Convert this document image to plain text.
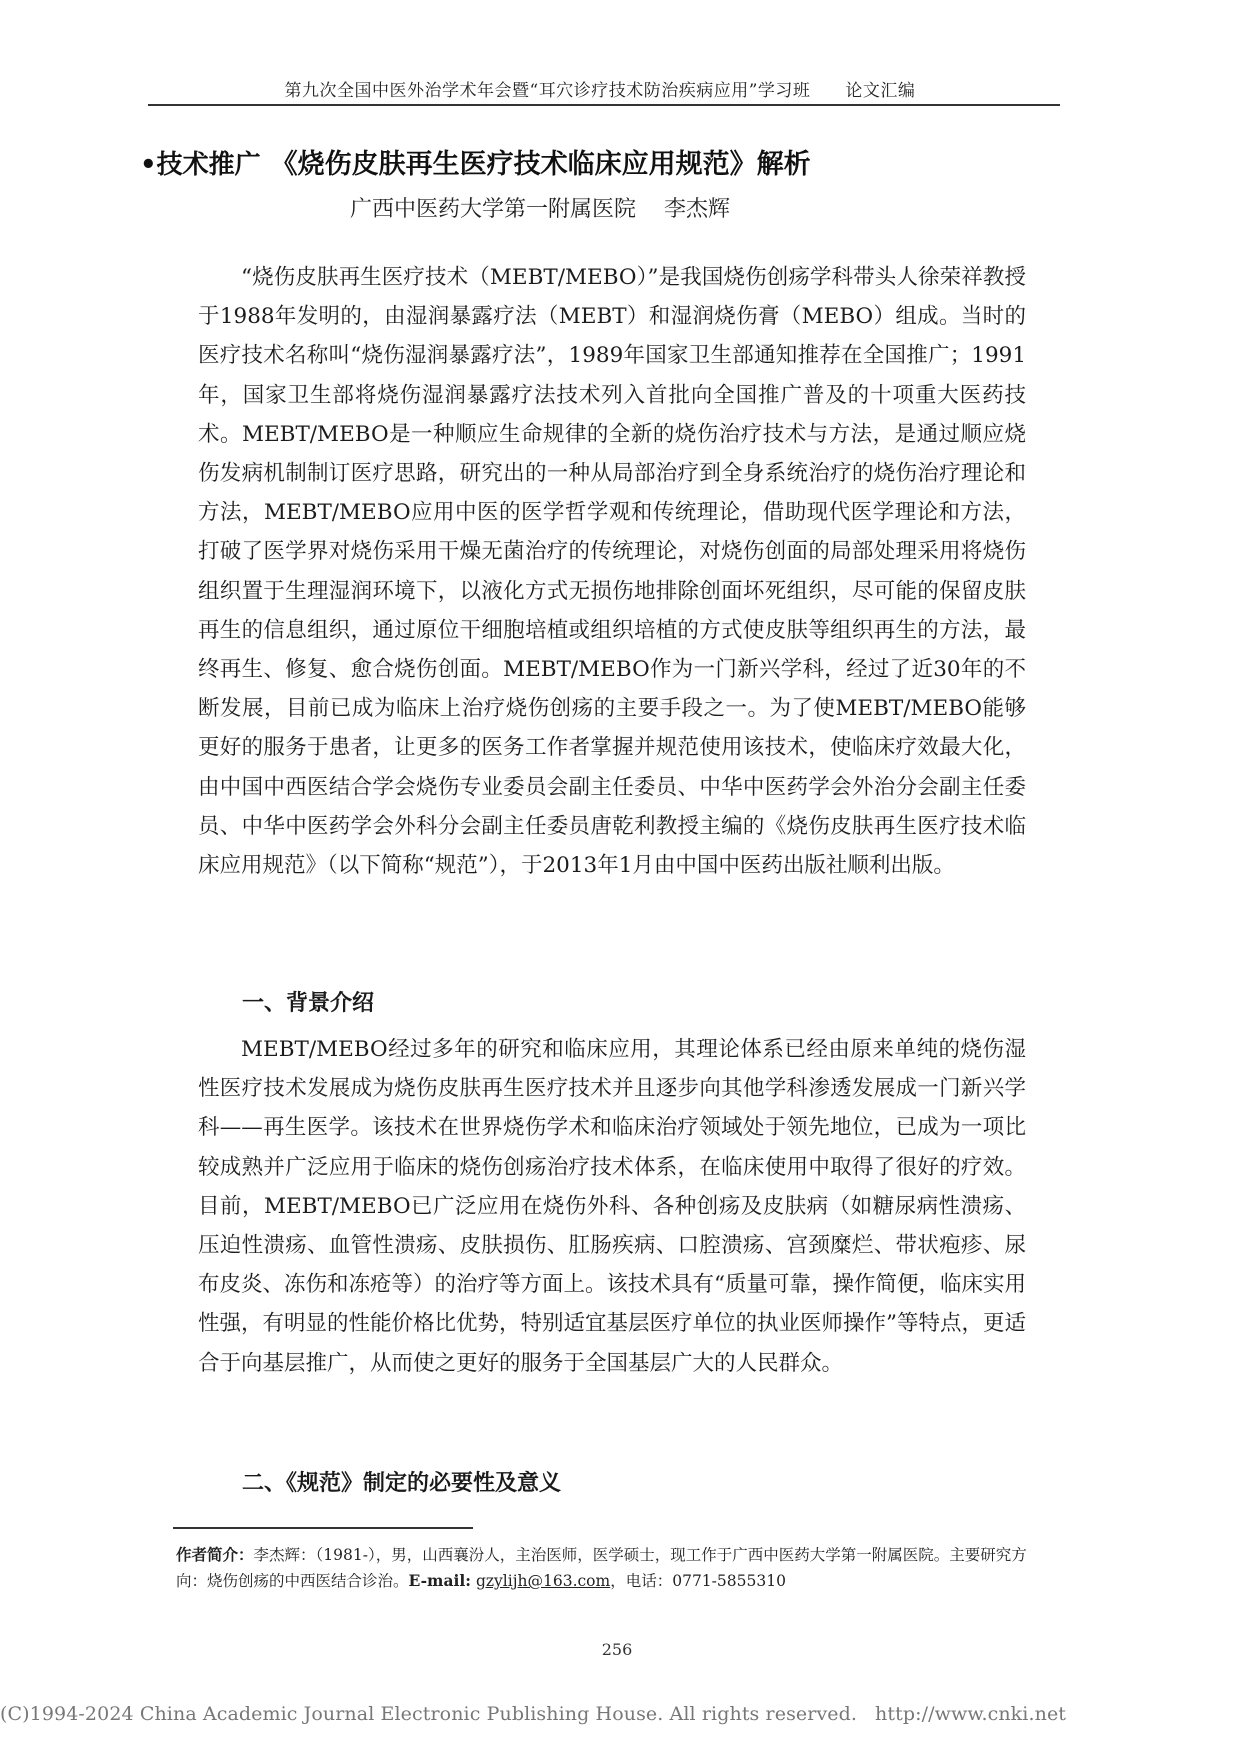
第九次全国中医外治学术年会暨“耳穴诊疗技术防治疾病应用”学习班　　论文汇编
•技术推广 《烧伤皮肤再生医疗技术临床应用规范》解析
广西中医药大学第一附属医院 李杰辉
“烧伤皮肤再生医疗技术（MEBT/MEBO）”是我国烧伤创疡学科带头人徐荣祥教授于1988年发明的，由湿润暴露疗法（MEBT）和湿润烧伤膏（MEBO）组成。当时的医疗技术名称叫“烧伤湿润暴露疗法”，1989年国家卫生部通知推荐在全国推广；1991年，国家卫生部将烧伤湿润暴露疗法技术列入首批向全国推广普及的十项重大医药技术。MEBT/MEBO是一种顺应生命规律的全新的烧伤治疗技术与方法，是通过顺应烧伤发病机制制订医疗思路，研究出的一种从局部治疗到全身系统治疗的烧伤治疗理论和方法，MEBT/MEBO应用中医的医学哲学观和传统理论，借助现代医学理论和方法，打破了医学界对烧伤采用干燥无菌治疗的传统理论，对烧伤创面的局部处理采用将烧伤组织置于生理湿润环境下，以液化方式无损伤地排除创面坏死组织，尽可能的保留皮肤再生的信息组织，通过原位干细胞培植或组织培植的方式使皮肤等组织再生的方法，最终再生、修复、愈合烧伤创面。MEBT/MEBO作为一门新兴学科，经过了近30年的不断发展，目前已成为临床上治疗烧伤创疡的主要手段之一。为了使MEBT/MEBO能够更好的服务于患者，让更多的医务工作者掌握并规范使用该技术，使临床疗效最大化，由中国中西医结合学会烧伤专业委员会副主任委员、中华中医药学会外治分会副主任委员、中华中医药学会外科分会副主任委员唐乾利教授主编的《烧伤皮肤再生医疗技术临床应用规范》（以下简称“规范”），于2013年1月由中国中医药出版社顺利出版。
一、背景介绍
MEBT/MEBO经过多年的研究和临床应用，其理论体系已经由原来单纯的烧伤湿性医疗技术发展成为烧伤皮肤再生医疗技术并且逐步向其他学科渗透发展成一门新兴学科——再生医学。该技术在世界烧伤学术和临床治疗领域处于领先地位，已成为一项比较成熟并广泛应用于临床的烧伤创疡治疗技术体系，在临床使用中取得了很好的疗效。目前，MEBT/MEBO已广泛应用在烧伤外科、各种创疡及皮肤病（如糖尿病性溃疡、压迫性溃疡、血管性溃疡、皮肤损伤、肛肠疾病、口腔溃疡、宫颈糜烂、带状疱疹、尿布皮炎、冻伤和冻疮等）的治疗等方面上。该技术具有“质量可靠，操作简便，临床实用性强，有明显的性能价格比优势，特别适宜基层医疗单位的执业医师操作”等特点，更适合于向基层推广，从而使之更好的服务于全国基层广大的人民群众。
二、《规范》制定的必要性及意义
作者简介：李杰辉：（1981-），男，山西襄汾人，主治医师，医学硕士，现工作于广西中医药大学第一附属医院。主要研究方向：烧伤创疡的中西医结合诊治。E-mail: gzylijh@163.com，电话：0771-5855310
256
(C)1994-2024 China Academic Journal Electronic Publishing House. All rights reserved. http://www.cnki.net
